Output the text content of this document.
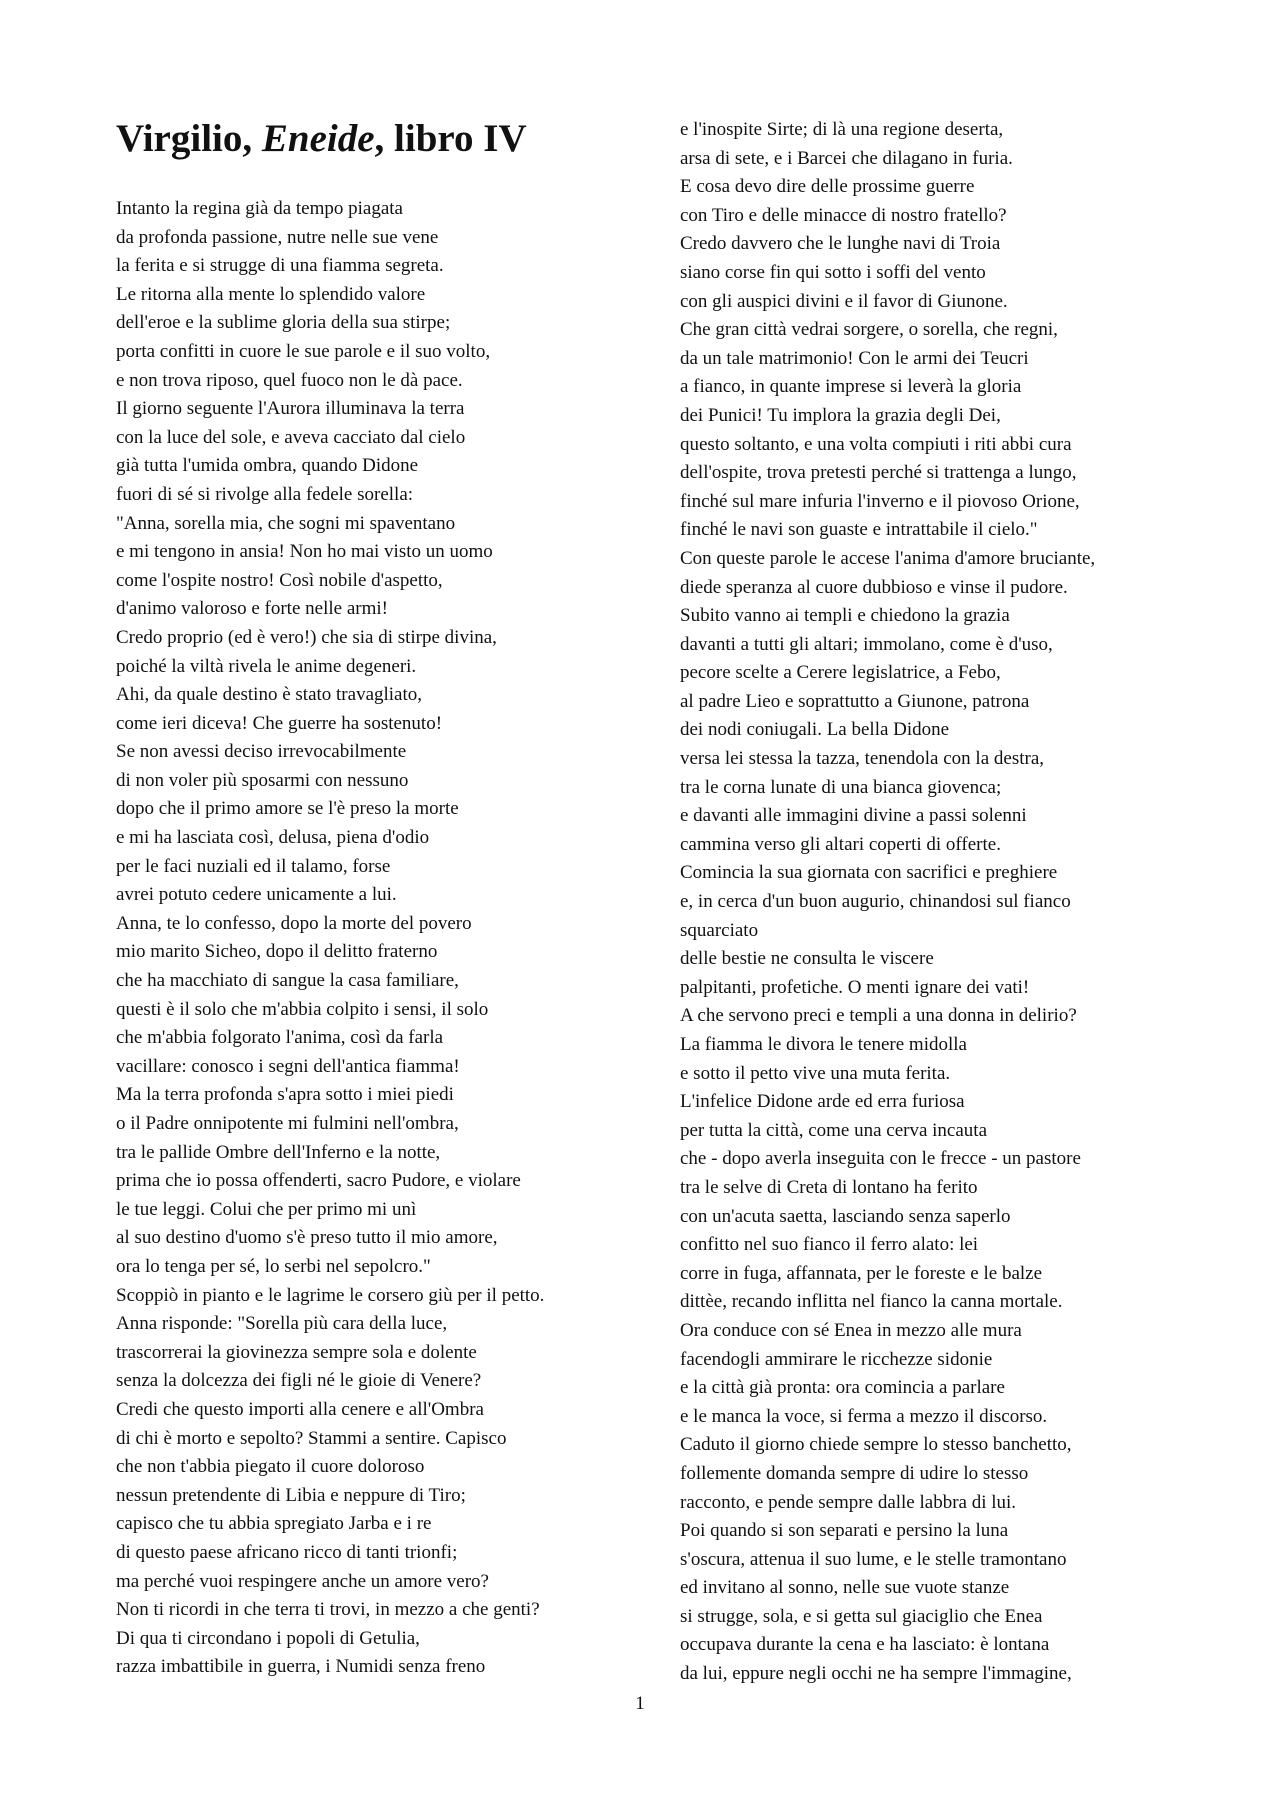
Virgilio, Eneide, libro IV
Intanto la regina già da tempo piagata
da profonda passione, nutre nelle sue vene
la ferita e si strugge di una fiamma segreta.
Le ritorna alla mente lo splendido valore
dell'eroe e la sublime gloria della sua stirpe;
porta confitti in cuore le sue parole e il suo volto,
e non trova riposo, quel fuoco non le dà pace.
Il giorno seguente l'Aurora illuminava la terra
con la luce del sole, e aveva cacciato dal cielo
già tutta l'umida ombra, quando Didone
fuori di sé si rivolge alla fedele sorella:
"Anna, sorella mia, che sogni mi spaventano
e mi tengono in ansia! Non ho mai visto un uomo
come l'ospite nostro! Così nobile d'aspetto,
d'animo valoroso e forte nelle armi!
Credo proprio (ed è vero!) che sia di stirpe divina,
poiché la viltà rivela le anime degeneri.
Ahi, da quale destino è stato travagliato,
come ieri diceva! Che guerre ha sostenuto!
Se non avessi deciso irrevocabilmente
di non voler più sposarmi con nessuno
dopo che il primo amore se l'è preso la morte
e mi ha lasciata così, delusa, piena d'odio
per le faci nuziali ed il talamo, forse
avrei potuto cedere unicamente a lui.
Anna, te lo confesso, dopo la morte del povero
mio marito Sicheo, dopo il delitto fraterno
che ha macchiato di sangue la casa familiare,
questi è il solo che m'abbia colpito i sensi, il solo
che m'abbia folgorato l'anima, così da farla
vacillare: conosco i segni dell'antica fiamma!
Ma la terra profonda s'apra sotto i miei piedi
o il Padre onnipotente mi fulmini nell'ombra,
tra le pallide Ombre dell'Inferno e la notte,
prima che io possa offenderti, sacro Pudore, e violare
le tue leggi. Colui che per primo mi unì
al suo destino d'uomo s'è preso tutto il mio amore,
ora lo tenga per sé, lo serbi nel sepolcro."
Scoppiò in pianto e le lagrime le corsero giù per il petto.
Anna risponde: "Sorella più cara della luce,
trascorrerai la giovinezza sempre sola e dolente
senza la dolcezza dei figli né le gioie di Venere?
Credi che questo importi alla cenere e all'Ombra
di chi è morto e sepolto? Stammi a sentire. Capisco
che non t'abbia piegato il cuore doloroso
nessun pretendente di Libia e neppure di Tiro;
capisco che tu abbia spregiato Jarba e i re
di questo paese africano ricco di tanti trionfi;
ma perché vuoi respingere anche un amore vero?
Non ti ricordi in che terra ti trovi, in mezzo a che genti?
Di qua ti circondano i popoli di Getulia,
razza imbattibile in guerra, i Numidi senza freno
e l'inospite Sirte; di là una regione deserta,
arsa di sete, e i Barcei che dilagano in furia.
E cosa devo dire delle prossime guerre
con Tiro e delle minacce di nostro fratello?
Credo davvero che le lunghe navi di Troia
siano corse fin qui sotto i soffi del vento
con gli auspici divini e il favor di Giunone.
Che gran città vedrai sorgere, o sorella, che regni,
da un tale matrimonio! Con le armi dei Teucri
a fianco, in quante imprese si leverà la gloria
dei Punici! Tu implora la grazia degli Dei,
questo soltanto, e una volta compiuti i riti abbi cura
dell'ospite, trova pretesti perché si trattenga a lungo,
finché sul mare infuria l'inverno e il piovoso Orione,
finché le navi son guaste e intrattabile il cielo."
Con queste parole le accese l'anima d'amore bruciante,
diede speranza al cuore dubbioso e vinse il pudore.
Subito vanno ai templi e chiedono la grazia
davanti a tutti gli altari; immolano, come è d'uso,
pecore scelte a Cerere legislatrice, a Febo,
al padre Lieo e soprattutto a Giunone, patrona
dei nodi coniugali. La bella Didone
versa lei stessa la tazza, tenendola con la destra,
tra le corna lunate di una bianca giovenca;
e davanti alle immagini divine a passi solenni
cammina verso gli altari coperti di offerte.
Comincia la sua giornata con sacrifici e preghiere
e, in cerca d'un buon augurio, chinandosi sul fianco
squarciato
delle bestie ne consulta le viscere
palpitanti, profetiche. O menti ignare dei vati!
A che servono preci e templi a una donna in delirio?
La fiamma le divora le tenere midolla
e sotto il petto vive una muta ferita.
L'infelice Didone arde ed erra furiosa
per tutta la città, come una cerva incauta
che - dopo averla inseguita con le frecce - un pastore
tra le selve di Creta di lontano ha ferito
con un'acuta saetta, lasciando senza saperlo
confitto nel suo fianco il ferro alato: lei
corre in fuga, affannata, per le foreste e le balze
dittèe, recando inflitta nel fianco la canna mortale.
Ora conduce con sé Enea in mezzo alle mura
facendogli ammirare le ricchezze sidonie
e la città già pronta: ora comincia a parlare
e le manca la voce, si ferma a mezzo il discorso.
Caduto il giorno chiede sempre lo stesso banchetto,
follemente domanda sempre di udire lo stesso
racconto, e pende sempre dalle labbra di lui.
Poi quando si son separati e persino la luna
s'oscura, attenua il suo lume, e le stelle tramontano
ed invitano al sonno, nelle sue vuote stanze
si strugge, sola, e si getta sul giaciglio che Enea
occupava durante la cena e ha lasciato: è lontana
da lui, eppure negli occhi ne ha sempre l'immagine,
1
